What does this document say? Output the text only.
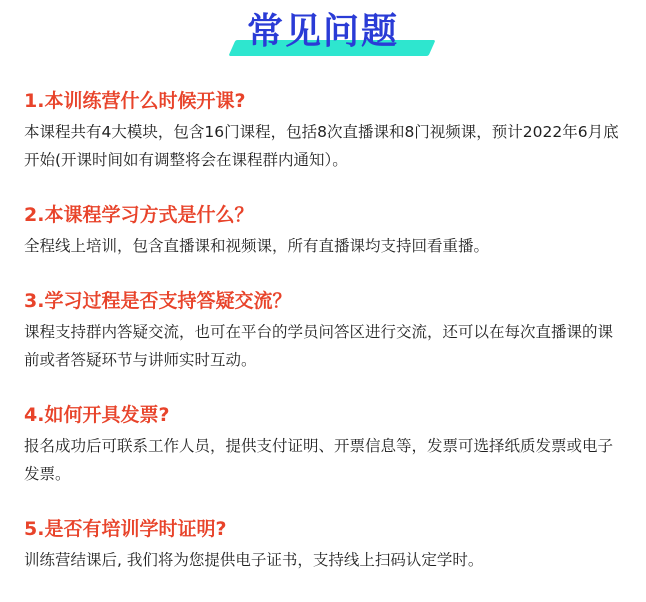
常见问题
1.本训练营什么时候开课?

本课程共有4大模块，包含16门课程，包括8次直播课和8门视频课，预计2022年6月底开始(开课时间如有调整将会在课程群内通知）。

2.本课程学习方式是什么？

全程线上培训，包含直播课和视频课，所有直播课均支持回看重播。

3.学习过程是否支持答疑交流？

课程支持群内答疑交流，也可在平台的学员问答区进行交流，还可以在每次直播课的课前或者答疑环节与讲师实时互动。

4.如何开具发票?

报名成功后可联系工作人员，提供支付证明、开票信息等，发票可选择纸质发票或电子发票。

5.是否有培训学时证明?

训练营结课后, 我们将为您提供电子证书，支持线上扫码认定学时。
